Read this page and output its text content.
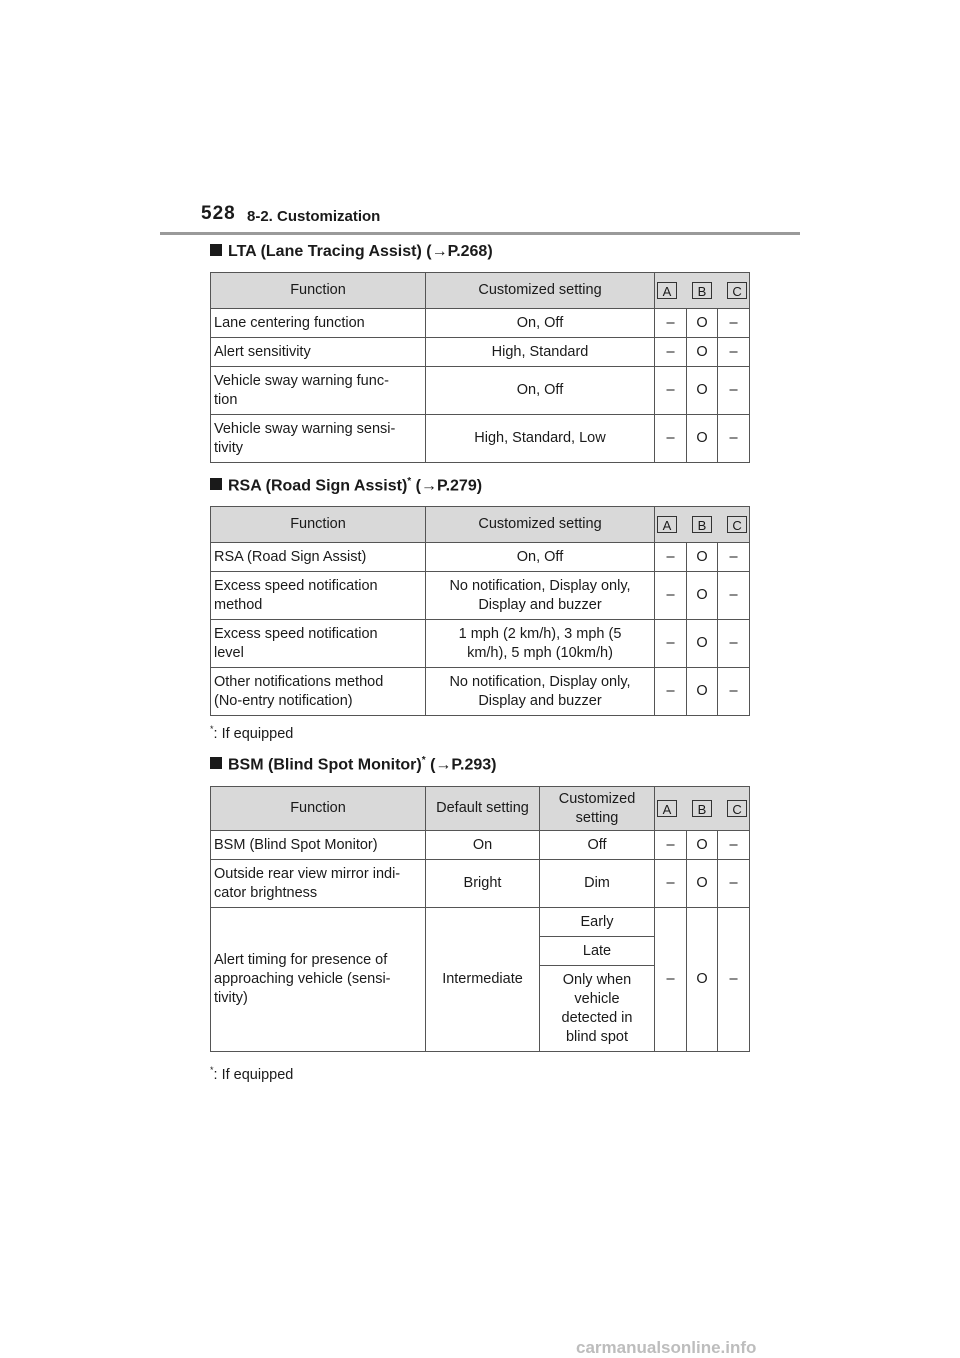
528 8-2. Customization
LTA (Lane Tracing Assist) (→P.268)
Function	Customized setting	A B C		

Lane centering function	On, Off	–	O	–
Alert sensitivity	High, Standard	–	O	–
Vehicle sway warning func-
tion	On, Off	–	O	–
Vehicle sway warning sensi-
tivity	High, Standard, Low	–	O	–
RSA (Road Sign Assist)* (→P.279)
Function	Customized setting	A B C		

RSA (Road Sign Assist)	On, Off	–	O	–
Excess speed notification
method	No notification, Display only,
Display and buzzer	–	O	–
Excess speed notification
level	1 mph (2 km/h), 3 mph (5
km/h), 5 mph (10km/h)	–	O	–
Other notifications method
(No-entry notification)	No notification, Display only,
Display and buzzer	–	O	–
*: If equipped
BSM (Blind Spot Monitor)* (→P.293)
Function	Default setting	Customized
setting	A B C		

BSM (Blind Spot Monitor)	On	Off	–	O	–
Outside rear view mirror indi-
cator brightness	Bright	Dim	–	O	–
Alert timing for presence of
approaching vehicle (sensi-
tivity)	Intermediate	Early	–	O	–
		Late			
		Only when
vehicle
detected in
blind spot			
*: If equipped
carmanualsonline.info
